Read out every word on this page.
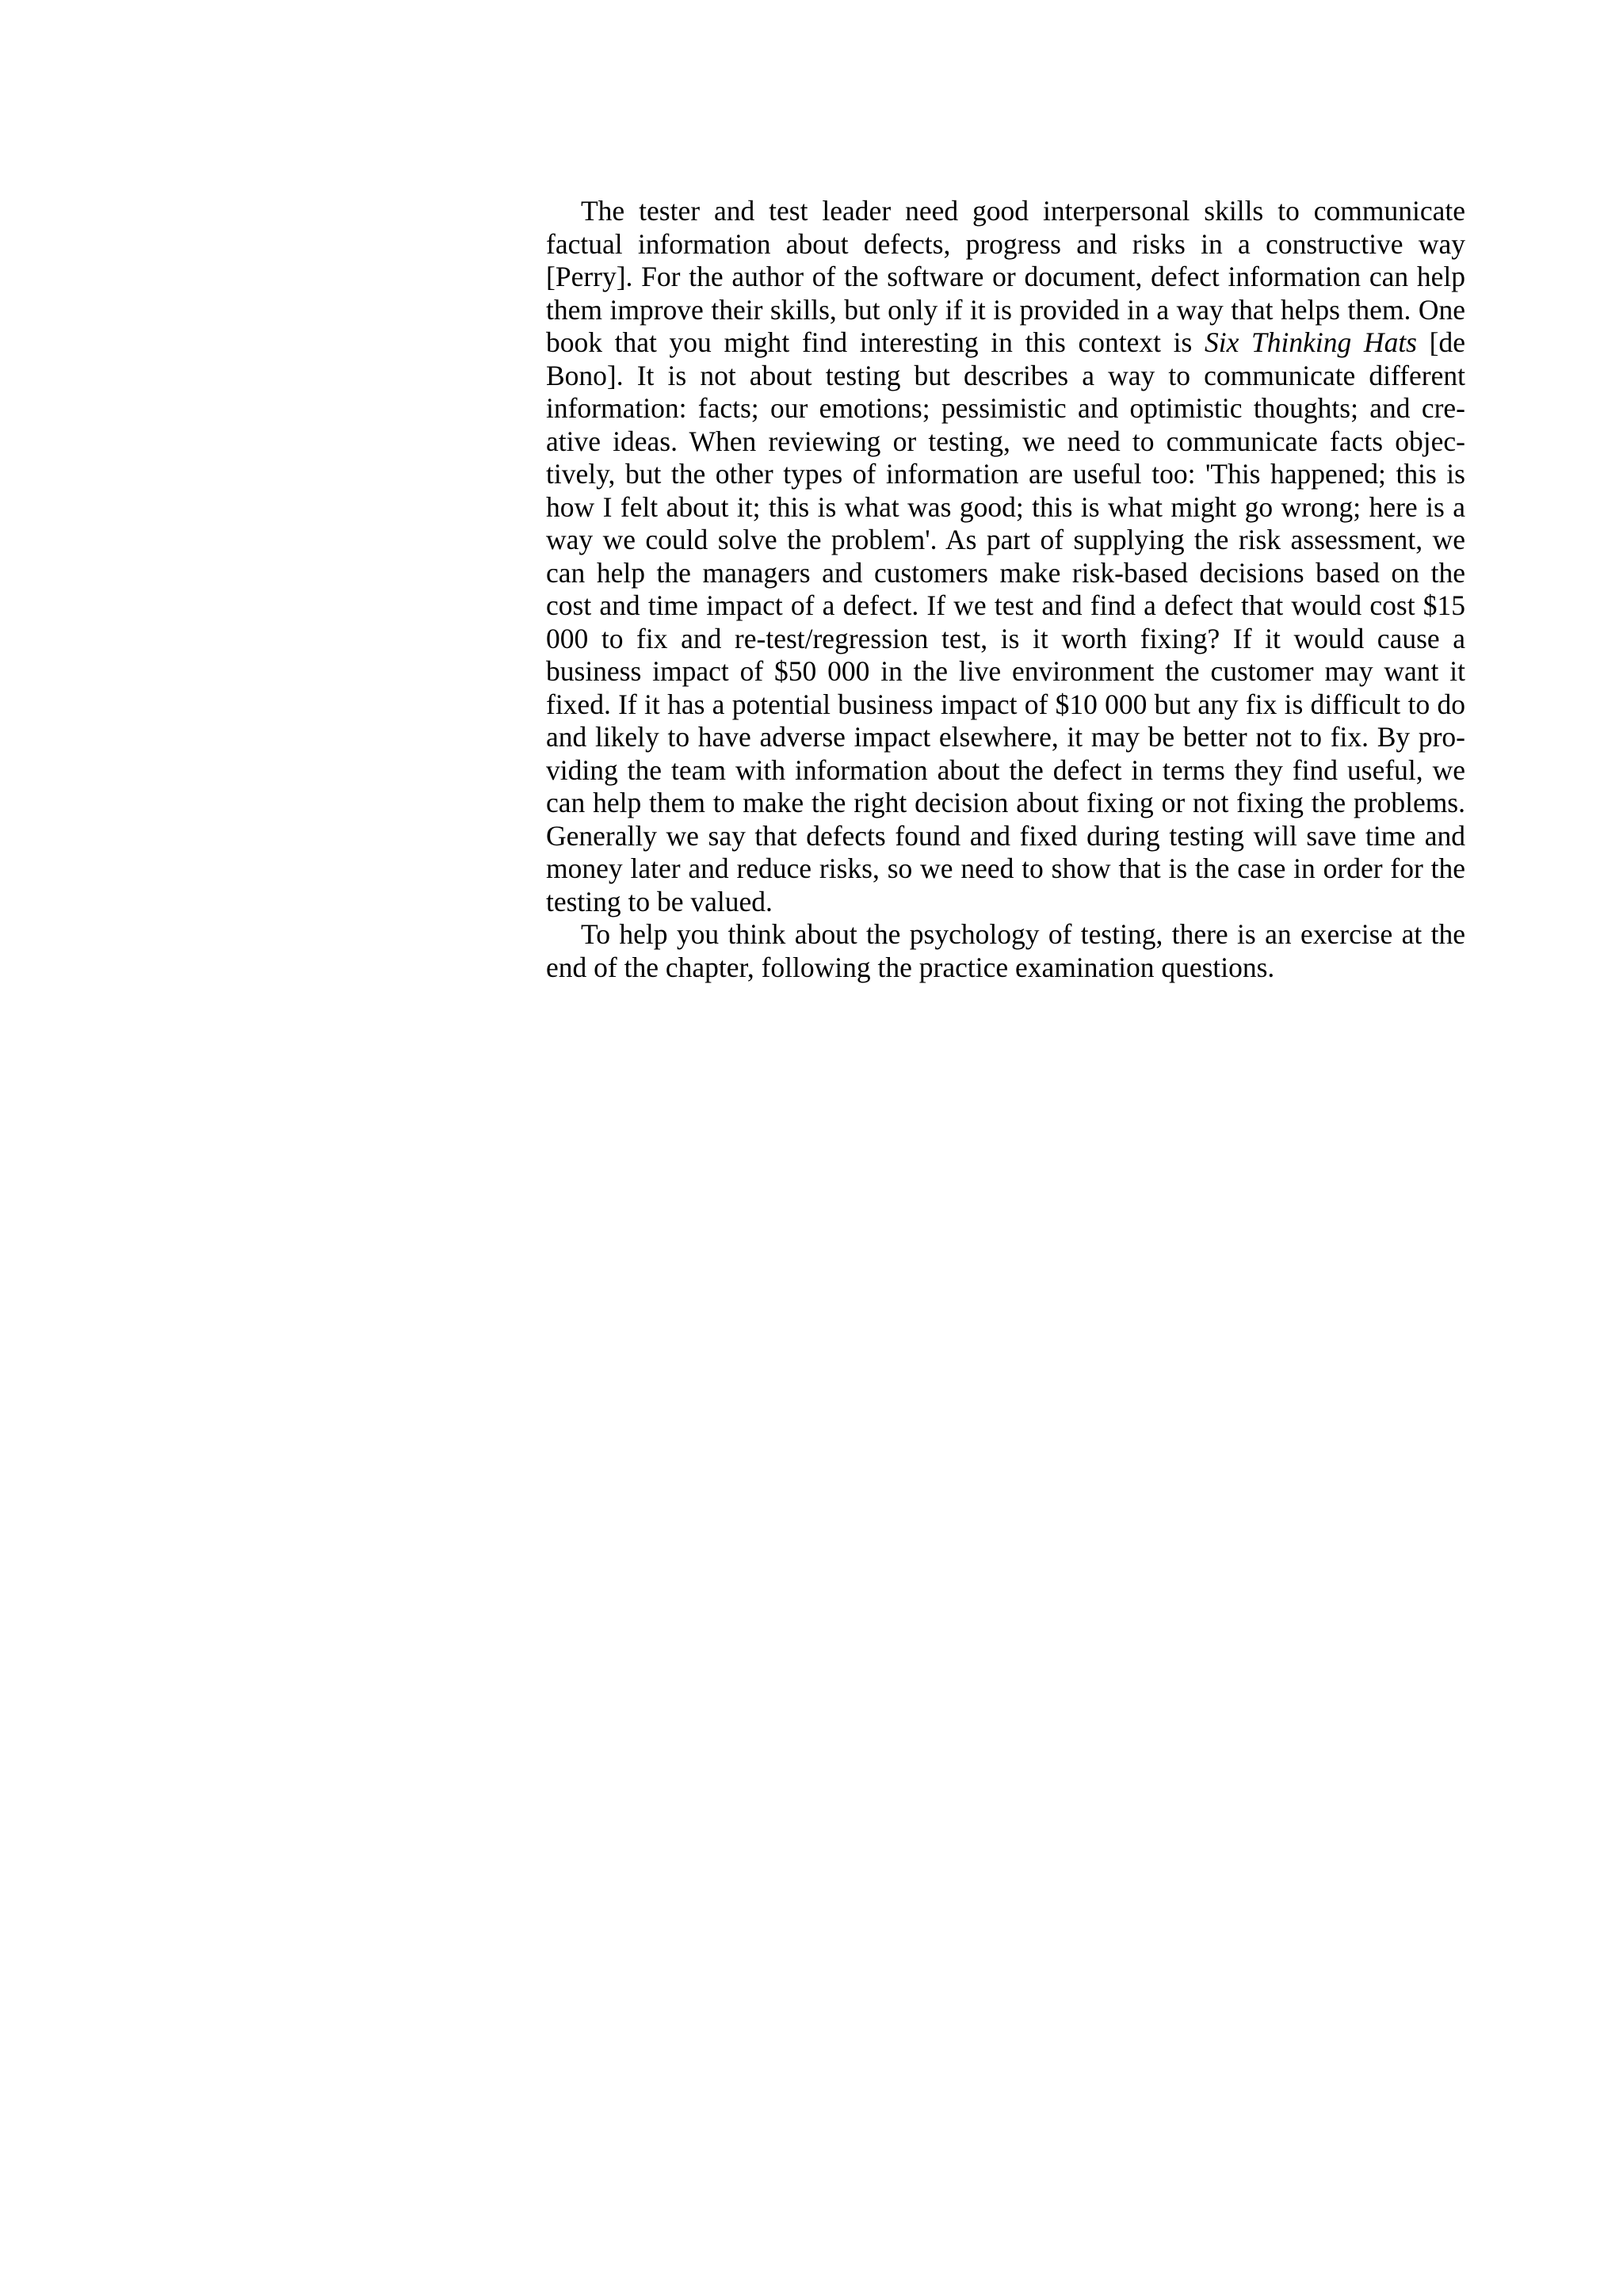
The tester and test leader need good interpersonal skills to communicate factual information about defects, progress and risks in a constructive way [Perry]. For the author of the software or document, defect information can help them improve their skills, but only if it is provided in a way that helps them. One book that you might find interesting in this context is Six Thinking Hats [de Bono]. It is not about testing but describes a way to communicate different information: facts; our emotions; pessimistic and optimistic thoughts; and creative ideas. When reviewing or testing, we need to communicate facts objectively, but the other types of information are useful too: 'This happened; this is how I felt about it; this is what was good; this is what might go wrong; here is a way we could solve the problem'. As part of supplying the risk assessment, we can help the managers and customers make risk-based decisions based on the cost and time impact of a defect. If we test and find a defect that would cost $15 000 to fix and re-test/regression test, is it worth fixing? If it would cause a business impact of $50 000 in the live environment the customer may want it fixed. If it has a potential business impact of $10 000 but any fix is difficult to do and likely to have adverse impact elsewhere, it may be better not to fix. By providing the team with information about the defect in terms they find useful, we can help them to make the right decision about fixing or not fixing the problems. Generally we say that defects found and fixed during testing will save time and money later and reduce risks, so we need to show that is the case in order for the testing to be valued.

To help you think about the psychology of testing, there is an exercise at the end of the chapter, following the practice examination questions.
